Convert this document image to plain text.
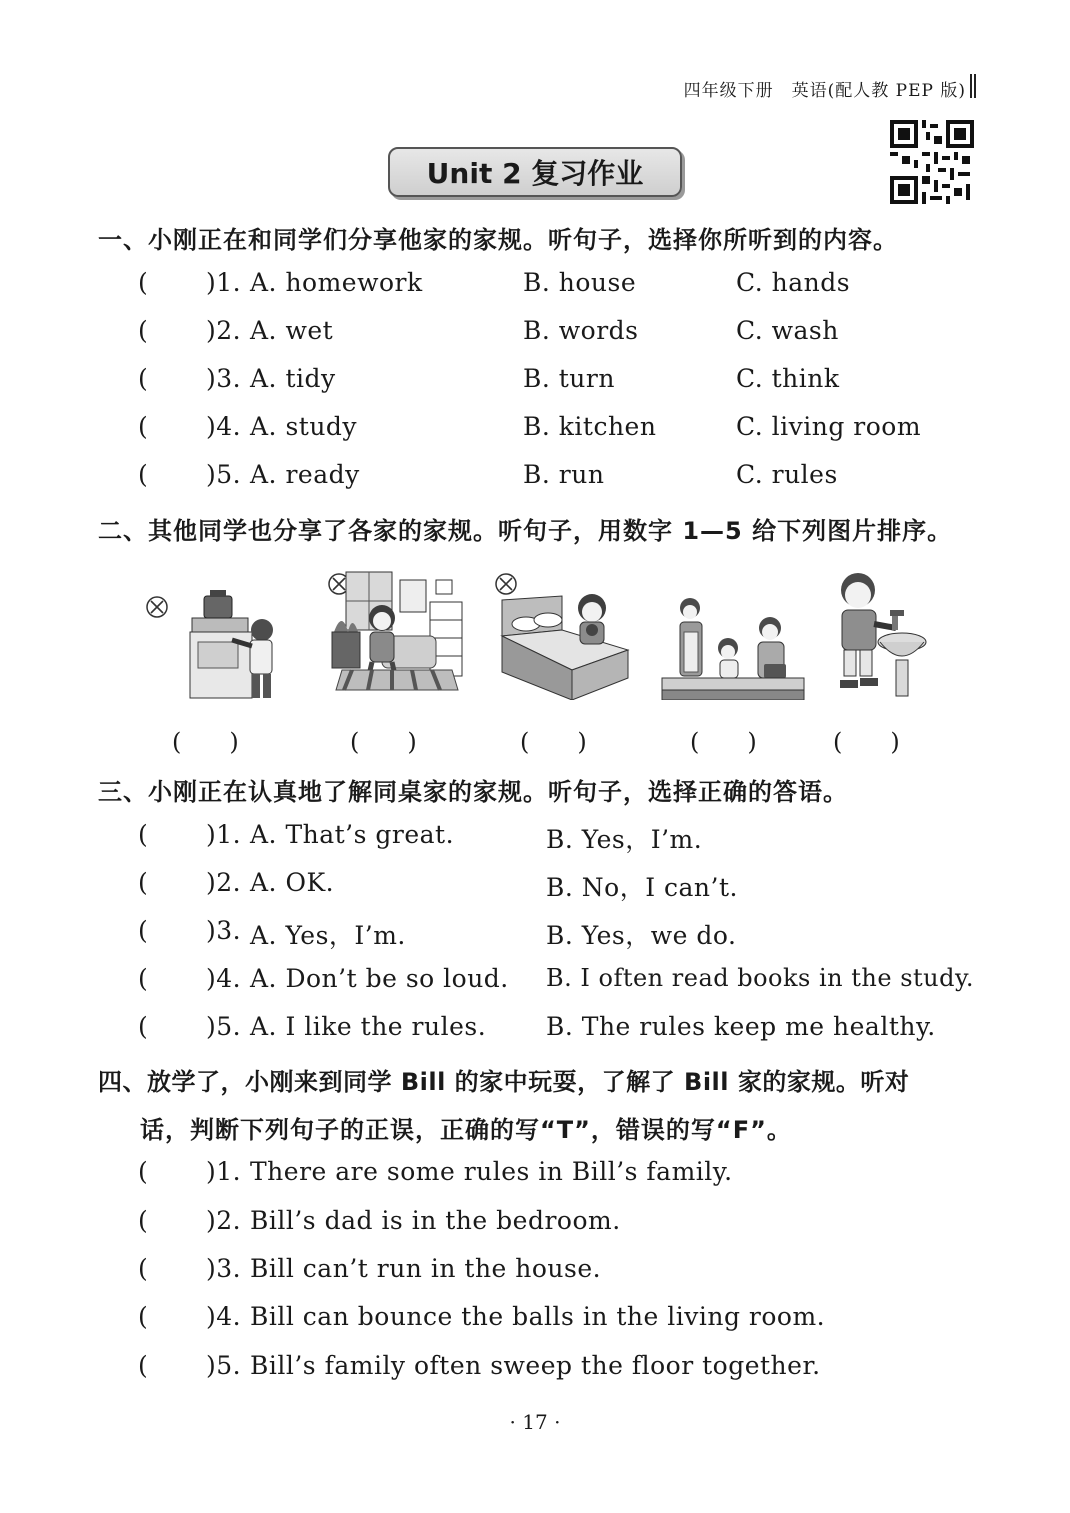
四年级下册　英语(配人教 PEP 版)
Unit 2 复习作业
一、小刚正在和同学们分享他家的家规。听句子，选择你所听到的内容。
( )1. A. homework	B. house	C. hands
( )2. A. wet	B. words	C. wash
( )3. A. tidy	B. turn	C. think
( )4. A. study	B. kitchen	C. living room
( )5. A. ready	B. run	C. rules
二、其他同学也分享了各家的家规。听句子，用数字 1—5 给下列图片排序。
(　　)	(　　)	(　　)	(　　)	(　　)
三、小刚正在认真地了解同桌家的家规。听句子，选择正确的答语。
( )1. A. That’s great.	B. Yes，I’m.
( )2. A. OK.	B. No，I can’t.
( )3. A. Yes，I’m.	B. Yes，we do.
( )4. A. Don’t be so loud. B. I often read books in the study.
( )5. A. I like the rules. B. The rules keep me healthy.
四、放学了，小刚来到同学 Bill 的家中玩耍，了解了 Bill 家的家规。听对
话，判断下列句子的正误，正确的写“T”，错误的写“F”。
( )1. There are some rules in Bill’s family.
( )2. Bill’s dad is in the bedroom.
( )3. Bill can’t run in the house.
( )4. Bill can bounce the balls in the living room.
( )5. Bill’s family often sweep the floor together.
· 17 ·
